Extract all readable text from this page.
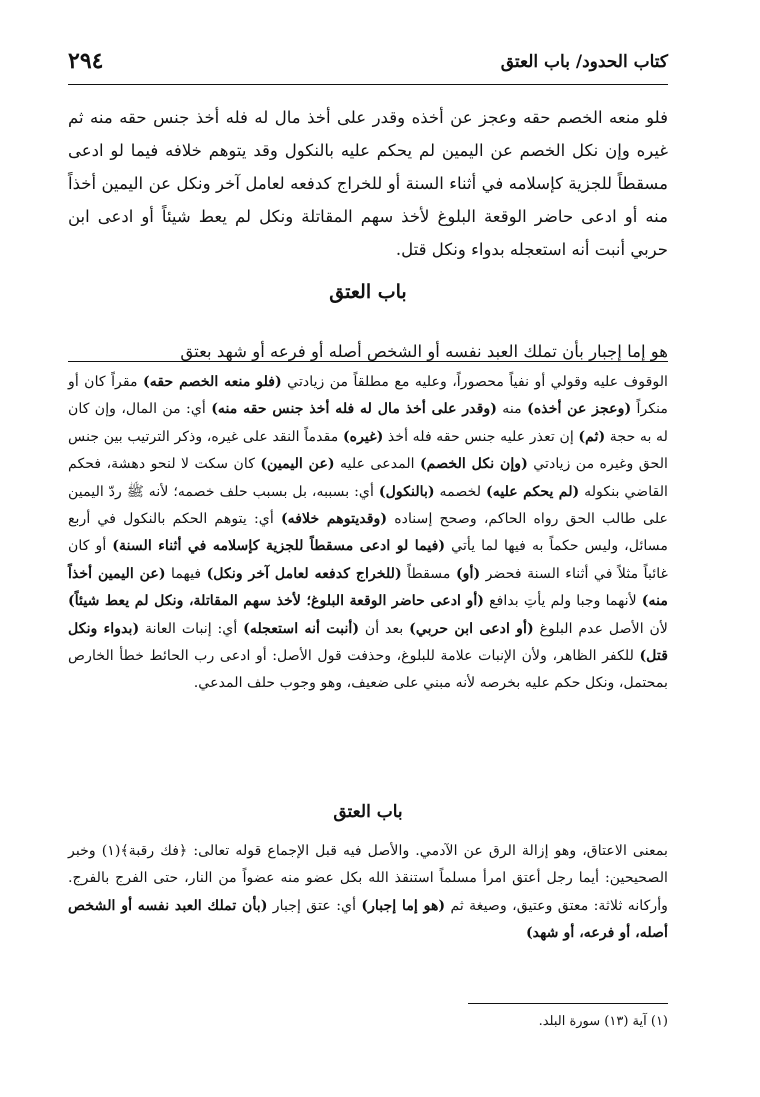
٢٩٤	كتاب الحدود/ باب العتق

فلو منعه الخصم حقه وعجز عن أخذه وقدر على أخذ مال له فله أخذ جنس حقه منه ثم غيره وإن نكل الخصم عن اليمين لم يحكم عليه بالنكول وقد يتوهم خلافه فيما لو ادعى مسقطاً للجزية كإسلامه في أثناء السنة أو للخراج كدفعه لعامل آخر ونكل عن اليمين أخذاً منه أو ادعى حاضر الوقعة البلوغ لأخذ سهم المقاتلة ونكل لم يعط شيئاً أو ادعى ابن حربي أنبت أنه استعجله بدواء ونكل قتل.

باب العتق

هو إما إجبار بأن تملك العبد نفسه أو الشخص أصله أو فرعه أو شهد بعتق

الوقوف عليه وقولي أو نفياً محصوراً، وعليه مع مطلقاً من زيادتي (فلو منعه الخصم حقه) مقراً كان أو منكراً (وعجز عن أخذه) منه (وقدر على أخذ مال له فله أخذ جنس حقه منه) أي: من المال، وإن كان له به حجة (ثم) إن تعذر عليه جنس حقه فله أخذ (غيره) مقدماً النقد على غيره، وذكر الترتيب بين جنس الحق وغيره من زيادتي (وإن نكل الخصم) المدعى عليه (عن اليمين) كان سكت لا لنحو دهشة، فحكم القاضي بنكوله (لم يحكم عليه) لخصمه (بالنكول) أي: بسببه، بل بسبب حلف خصمه؛ لأنه ﷺ ردّ اليمين على طالب الحق رواه الحاكم، وصحح إسناده (وقديتوهم خلافه) أي: يتوهم الحكم بالنكول في أربع مسائل، وليس حكماً به فيها لما يأتي (فيما لو ادعى مسقطاً للجزية كإسلامه في أثناء السنة) أو كان غائباً مثلاً في أثناء السنة فحضر (أو) مسقطاً (للخراج كدفعه لعامل آخر ونكل) فيهما (عن اليمين أخذاً منه) لأنهما وجبا ولم يأتِ بدافع (أو ادعى حاضر الوقعة البلوغ؛ لأخذ سهم المقاتلة، ونكل لم يعط شيئاً) لأن الأصل عدم البلوغ (أو ادعى ابن حربي) بعد أن (أنبت أنه استعجله) أي: إنبات العانة (بدواء ونكل قتل) للكفر الظاهر، ولأن الإنبات علامة للبلوغ، وحذفت قول الأصل: أو ادعى رب الحائط خطأ الخارص بمحتمل، ونكل حكم عليه بخرصه لأنه مبني على ضعيف، وهو وجوب حلف المدعي.

باب العتق

بمعنى الاعتاق، وهو إزالة الرق عن الآدمي. والأصل فيه قبل الإجماع قوله تعالى: ﴿فك رقبة﴾(١) وخبر الصحيحين: أيما رجل أعتق امرأ مسلماً استنقذ الله بكل عضو منه عضواً من النار، حتى الفرج بالفرج. وأركانه ثلاثة: معتق وعتيق، وصيغة ثم (هو إما إجبار) أي: عتق إجبار (بأن تملك العبد نفسه أو الشخص أصله، أو فرعه، أو شهد)

(١) آية (١٣) سورة البلد.
